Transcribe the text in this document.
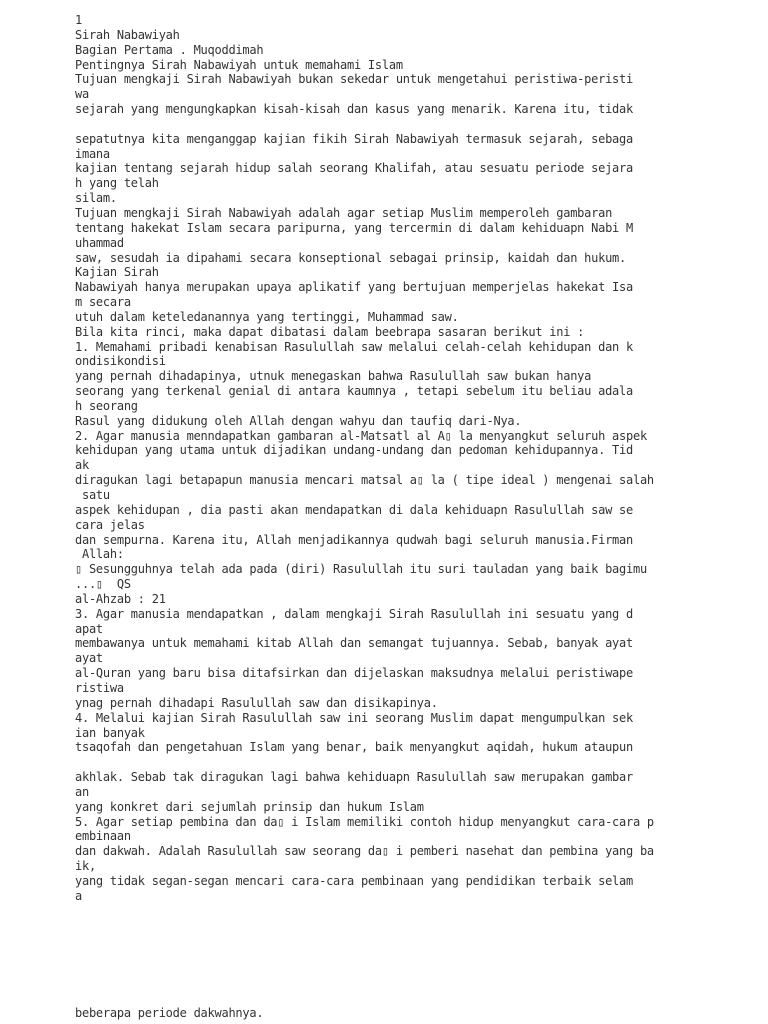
1
Sirah Nabawiyah
Bagian Pertama . Muqoddimah
Pentingnya Sirah Nabawiyah untuk memahami Islam
Tujuan mengkaji Sirah Nabawiyah bukan sekedar untuk mengetahui peristiwa-peristi
wa
sejarah yang mengungkapkan kisah-kisah dan kasus yang menarik. Karena itu, tidak
sepatutnya kita menganggap kajian fikih Sirah Nabawiyah termasuk sejarah, sebaga
imana
kajian tentang sejarah hidup salah seorang Khalifah, atau sesuatu periode sejara
h yang telah
silam.
Tujuan mengkaji Sirah Nabawiyah adalah agar setiap Muslim memperoleh gambaran
tentang hakekat Islam secara paripurna, yang tercermin di dalam kehiduapn Nabi M
uhammad
saw, sesudah ia dipahami secara konseptional sebagai prinsip, kaidah dan hukum.
Kajian Sirah
Nabawiyah hanya merupakan upaya aplikatif yang bertujuan memperjelas hakekat Isa
m secara
utuh dalam keteledanannya yang tertinggi, Muhammad saw.
Bila kita rinci, maka dapat dibatasi dalam beebrapa sasaran berikut ini :
1. Memahami pribadi kenabisan Rasulullah saw melalui celah-celah kehidupan dan k
ondisikondisi
yang pernah dihadapinya, utnuk menegaskan bahwa Rasulullah saw bukan hanya
seorang yang terkenal genial di antara kaumnya , tetapi sebelum itu beliau adala
h seorang
Rasul yang didukung oleh Allah dengan wahyu dan taufiq dari-Nya.
2. Agar manusia menndapatkan gambaran al-Matsatl al A▯ la menyangkut seluruh aspek
kehidupan yang utama untuk dijadikan undang-undang dan pedoman kehidupannya. Tid
ak
diragukan lagi betapapun manusia mencari matsal a▯ la ( tipe ideal ) mengenai salah
satu
aspek kehidupan , dia pasti akan mendapatkan di dala kehiduapn Rasulullah saw se
cara jelas
dan sempurna. Karena itu, Allah menjadikannya qudwah bagi seluruh manusia.Firman
Allah:
▯ Sesungguhnya telah ada pada (diri) Rasulullah itu suri tauladan yang baik bagimu
...▯  QS
al-Ahzab : 21
3. Agar manusia mendapatkan , dalam mengkaji Sirah Rasulullah ini sesuatu yang d
apat
membawanya untuk memahami kitab Allah dan semangat tujuannya. Sebab, banyak ayat
ayat
al-Quran yang baru bisa ditafsirkan dan dijelaskan maksudnya melalui peristiwape
ristiwa
ynag pernah dihadapi Rasulullah saw dan disikapinya.
4. Melalui kajian Sirah Rasulullah saw ini seorang Muslim dapat mengumpulkan sek
ian banyak
tsaqofah dan pengetahuan Islam yang benar, baik menyangkut aqidah, hukum ataupun
akhlak. Sebab tak diragukan lagi bahwa kehiduapn Rasulullah saw merupakan gambar
an
yang konkret dari sejumlah prinsip dan hukum Islam
5. Agar setiap pembina dan da▯ i Islam memiliki contoh hidup menyangkut cara-cara p
embinaan
dan dakwah. Adalah Rasulullah saw seorang da▯ i pemberi nasehat dan pembina yang ba
ik,
yang tidak segan-segan mencari cara-cara pembinaan yang pendidikan terbaik selam
a
beberapa periode dakwahnya.
